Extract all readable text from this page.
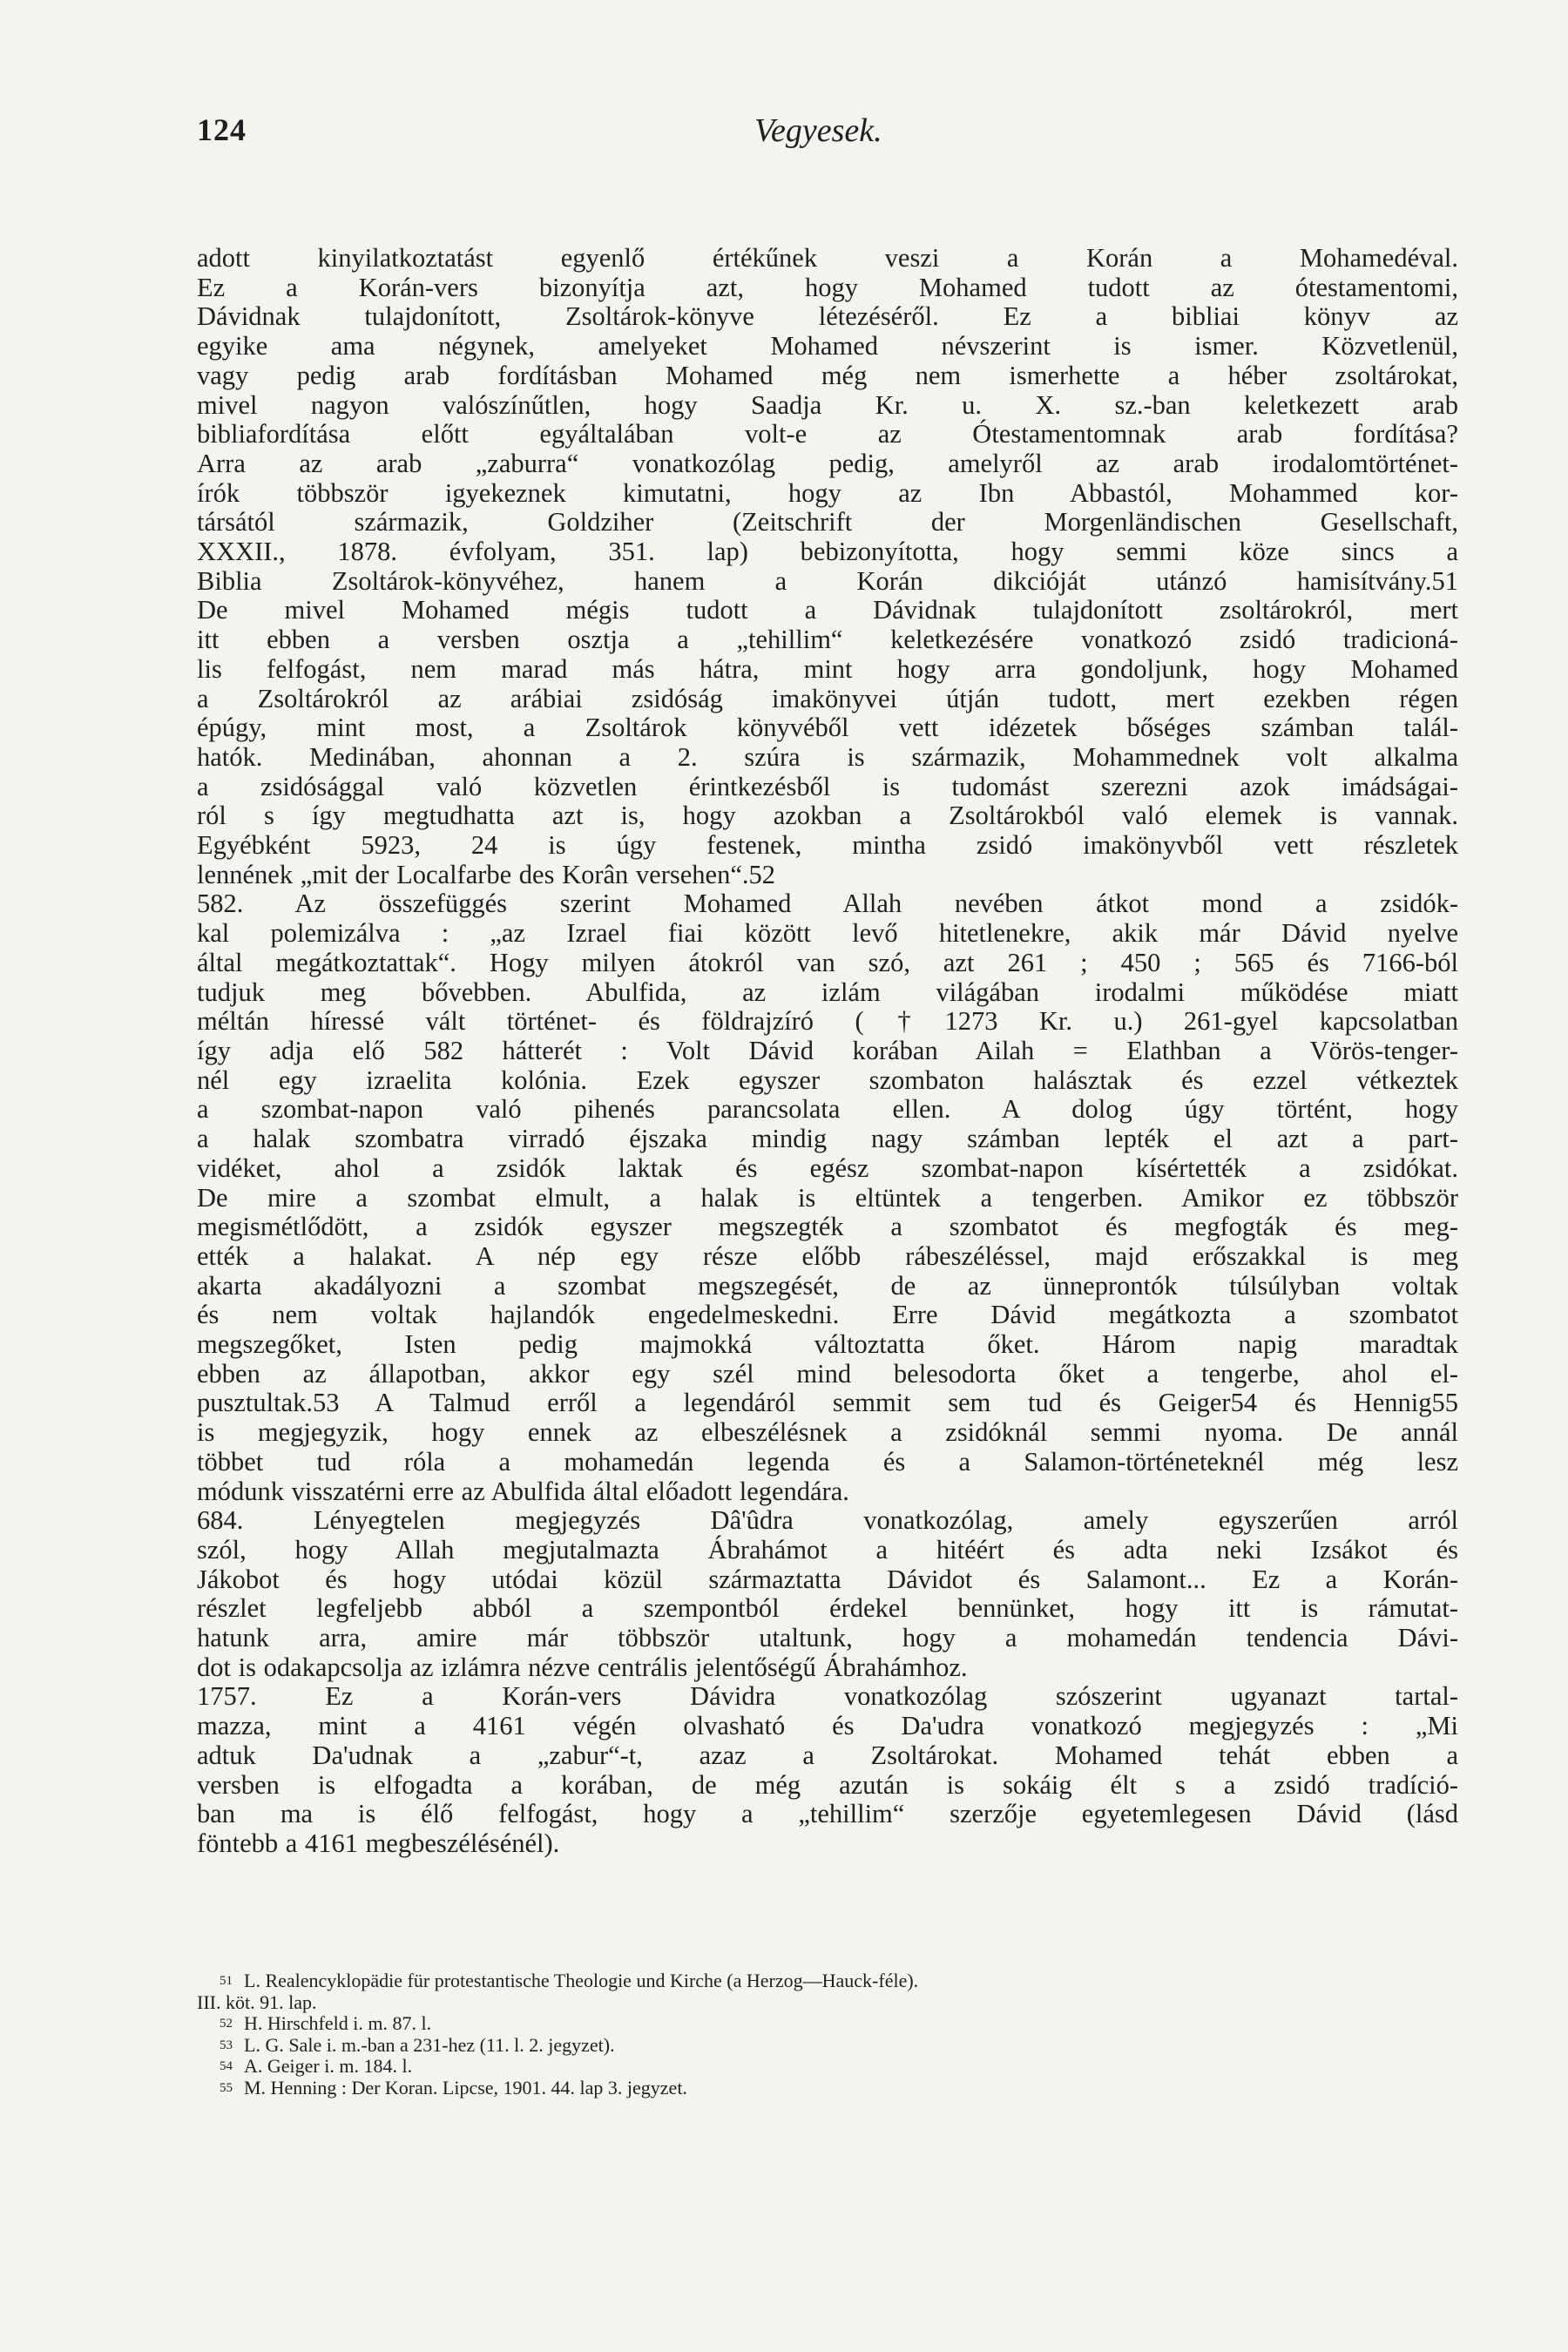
124	Vegyesek.
adott kinyilatkoztatást egyenlő értékűnek veszi a Korán a Mohamedéval.
Ez a Korán-vers bizonyítja azt, hogy Mohamed tudott az ótestamentomi,
Dávidnak tulajdonított, Zsoltárok-könyve létezéséről. Ez a bibliai könyv az
egyike ama négynek, amelyeket Mohamed névszerint is ismer. Közvetlenül,
vagy pedig arab fordításban Mohamed még nem ismerhette a héber zsoltárokat,
mivel nagyon valószínűtlen, hogy Saadja Kr. u. X. sz.-ban keletkezett arab
bibliafordítása előtt egyáltalában volt-e az Ótestamentomnak arab fordítása?
Arra az arab „zaburra“ vonatkozólag pedig, amelyről az arab irodalomtörténet-
írók többször igyekeznek kimutatni, hogy az Ibn Abbastól, Mohammed kor-
társától származik, Goldziher (Zeitschrift der Morgenländischen Gesellschaft,
XXXII., 1878. évfolyam, 351. lap) bebizonyította, hogy semmi köze sincs a
Biblia Zsoltárok-könyvéhez, hanem a Korán dikcióját utánzó hamisítvány.51
De mivel Mohamed mégis tudott a Dávidnak tulajdonított zsoltárokról, mert
itt ebben a versben osztja a „tehillim“ keletkezésére vonatkozó zsidó tradicioná-
lis felfogást, nem marad más hátra, mint hogy arra gondoljunk, hogy Mohamed
a Zsoltárokról az arábiai zsidóság imakönyvei útján tudott, mert ezekben régen
épúgy, mint most, a Zsoltárok könyvéből vett idézetek bőséges számban talál-
hatók. Medinában, ahonnan a 2. szúra is származik, Mohammednek volt alkalma
a zsidósággal való közvetlen érintkezésből is tudomást szerezni azok imádságai-
ról s így megtudhatta azt is, hogy azokban a Zsoltárokból való elemek is vannak.
Egyébként 5923, 24 is úgy festenek, mintha zsidó imakönyvből vett részletek
lennének „mit der Localfarbe des Korân versehen“.52
582. Az összefüggés szerint Mohamed Allah nevében átkot mond a zsidók-
kal polemizálva : „az Izrael fiai között levő hitetlenekre, akik már Dávid nyelve
által megátkoztattak“. Hogy milyen átokról van szó, azt 261 ; 450 ; 565 és 7166-ból
tudjuk meg bővebben. Abulfida, az izlám világában irodalmi működése miatt
méltán híressé vált történet- és földrajzíró (†1273 Kr. u.) 261-gyel kapcsolatban
így adja elő 582 hátterét : Volt Dávid korában Ailah = Elathban a Vörös-tenger-
nél egy izraelita kolónia. Ezek egyszer szombaton halásztak és ezzel vétkeztek
a szombat-napon való pihenés parancsolata ellen. A dolog úgy történt, hogy
a halak szombatra virradó éjszaka mindig nagy számban lepték el azt a part-
vidéket, ahol a zsidók laktak és egész szombat-napon kísértették a zsidókat.
De mire a szombat elmult, a halak is eltüntek a tengerben. Amikor ez többször
megismétlődött, a zsidók egyszer megszegték a szombatot és megfogták és meg-
ették a halakat. A nép egy része előbb rábeszéléssel, majd erőszakkal is meg
akarta akadályozni a szombat megszegését, de az ünneprontók túlsúlyban voltak
és nem voltak hajlandók engedelmeskedni. Erre Dávid megátkozta a szombatot
megszegőket, Isten pedig majmokká változtatta őket. Három napig maradtak
ebben az állapotban, akkor egy szél mind belesodorta őket a tengerbe, ahol el-
pusztultak.53 A Talmud erről a legendáról semmit sem tud és Geiger54 és Hennig55
is megjegyzik, hogy ennek az elbeszélésnek a zsidóknál semmi nyoma. De annál
többet tud róla a mohamedán legenda és a Salamon-történeteknél még lesz
módunk visszatérni erre az Abulfida által előadott legendára.
684. Lényegtelen megjegyzés Dâ'ûdra vonatkozólag, amely egyszerűen arról
szól, hogy Allah megjutalmazta Ábrahámot a hitéért és adta neki Izsákot és
Jákobot és hogy utódai közül származtatta Dávidot és Salamont... Ez a Korán-
részlet legfeljebb abból a szempontból érdekel bennünket, hogy itt is rámutat-
hatunk arra, amire már többször utaltunk, hogy a mohamedán tendencia Dávi-
dot is odakapcsolja az izlámra nézve centrális jelentőségű Ábrahámhoz.
1757. Ez a Korán-vers Dávidra vonatkozólag szószerint ugyanazt tartal-
mazza, mint a 4161 végén olvasható és Da'udra vonatkozó megjegyzés : „Mi
adtuk Da'udnak a „zabur“-t, azaz a Zsoltárokat. Mohamed tehát ebben a
versben is elfogadta a korában, de még azután is sokáig élt s a zsidó tradíció-
ban ma is élő felfogást, hogy a „tehillim“ szerzője egyetemlegesen Dávid (lásd
föntebb a 4161 megbeszélésénél).
51 L. Realencyklopädie für protestantische Theologie und Kirche (a Herzog—Hauck-féle).
III. köt. 91. lap.
52 H. Hirschfeld i. m. 87. l.
53 L. G. Sale i. m.-ban a 231-hez (11. l. 2. jegyzet).
54 A. Geiger i. m. 184. l.
55 M. Henning : Der Koran. Lipcse, 1901. 44. lap 3. jegyzet.
